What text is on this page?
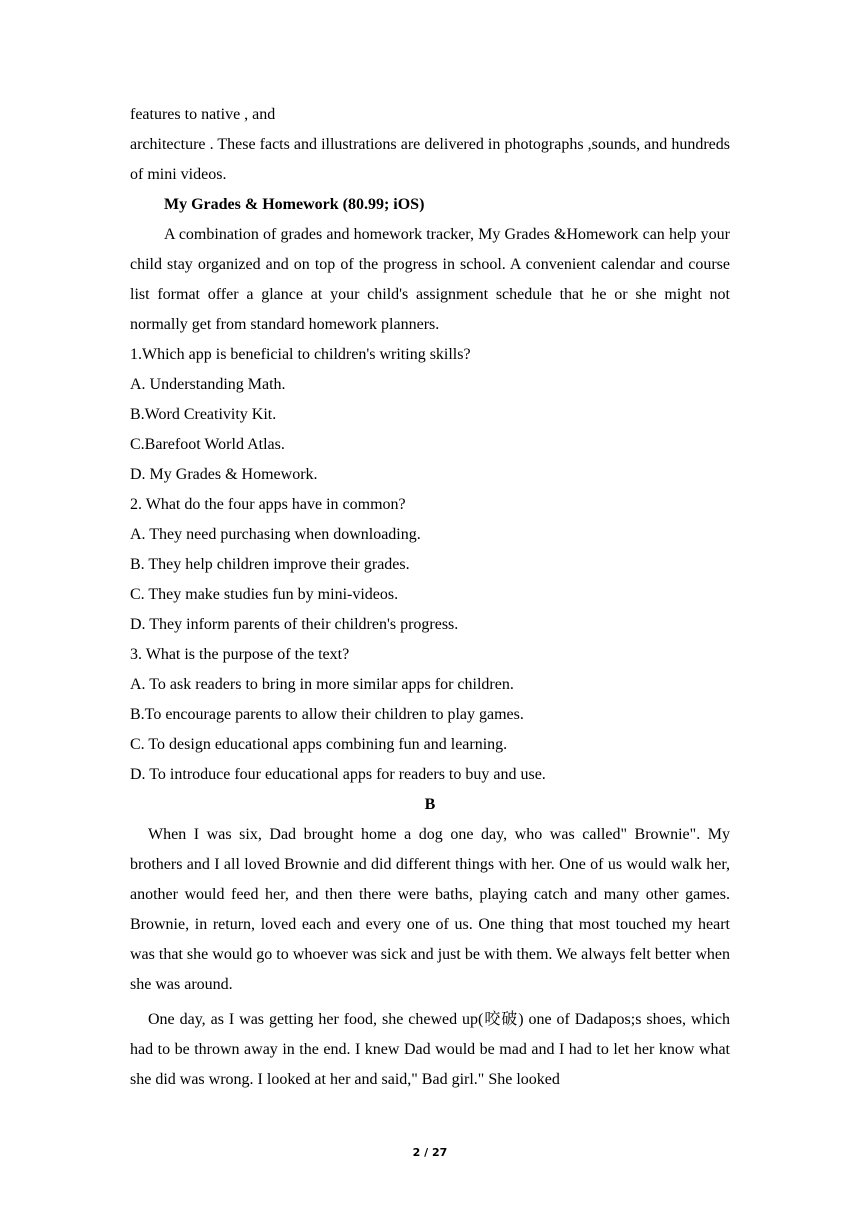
features to native , and

architecture . These facts and illustrations are delivered in photographs ,sounds, and hundreds of mini videos.

My Grades & Homework (80.99; iOS)

A combination of grades and homework tracker, My Grades &Homework can help your child stay organized and on top of the progress in school. A convenient calendar and course list format offer a glance at your child's assignment schedule that he or she might not normally get from standard homework planners.

1.Which app is beneficial to children's writing skills?
A. Understanding Math.
B.Word Creativity Kit.
C.Barefoot World Atlas.
D. My Grades & Homework.
2. What do the four apps have in common?
A. They need purchasing when downloading.
B. They help children improve their grades.
C. They make studies fun by mini-videos.
D. They inform parents of their children's progress.
3. What is the purpose of the text?
A. To ask readers to bring in more similar apps for children.
B.To encourage parents to allow their children to play games.
C. To design educational apps combining fun and learning.
D. To introduce four educational apps for readers to buy and use.
B

When I was six, Dad brought home a dog one day, who was called" Brownie". My brothers and I all loved Brownie and did different things with her. One of us would walk her, another would feed her, and then there were baths, playing catch and many other games. Brownie, in return, loved each and every one of us. One thing that most touched my heart was that she would go to whoever was sick and just be with them. We always felt better when she was around.

One day, as I was getting her food, she chewed up(咬破) one of Dadapos;s shoes, which had to be thrown away in the end. I knew Dad would be mad and I had to let her know what she did was wrong. I looked at her and said," Bad girl." She looked

2 / 27
